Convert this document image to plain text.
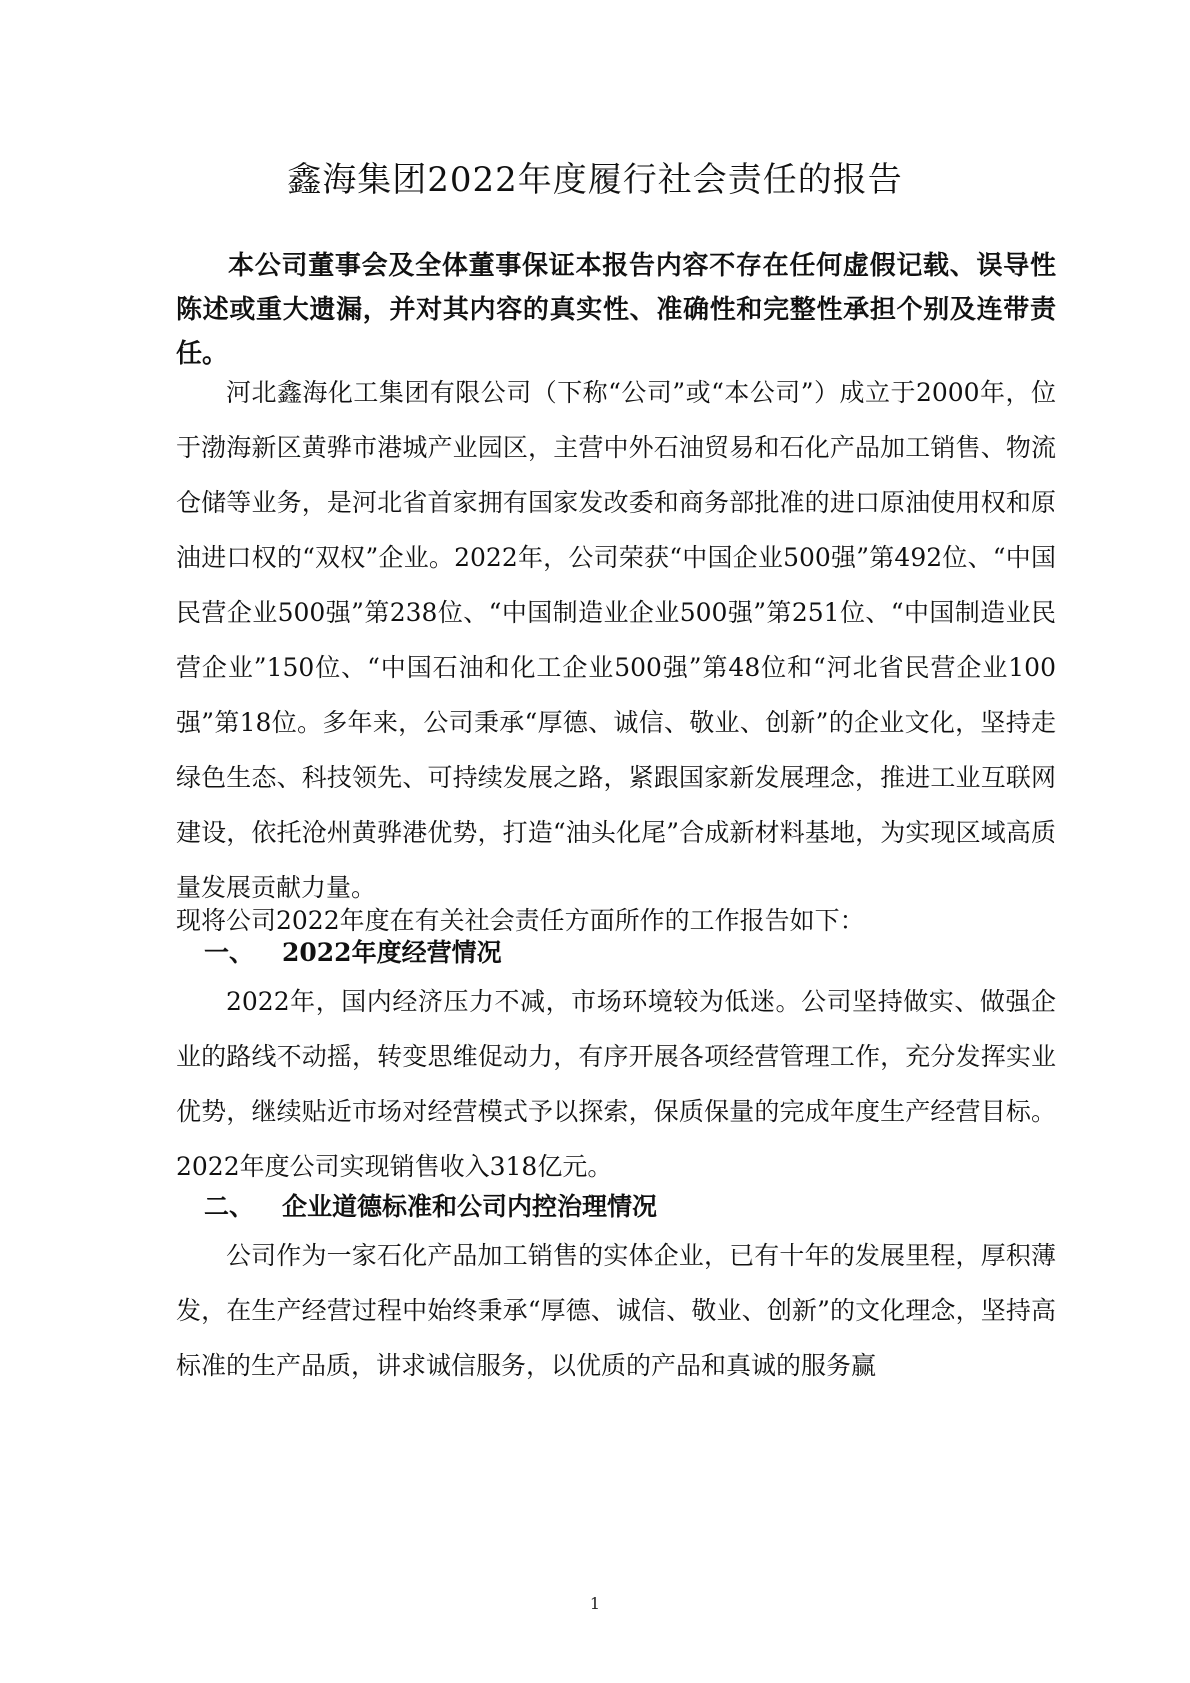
鑫海集团2022年度履行社会责任的报告

本公司董事会及全体董事保证本报告内容不存在任何虚假记载、误导性陈述或重大遗漏，并对其内容的真实性、准确性和完整性承担个别及连带责任。

河北鑫海化工集团有限公司（下称“公司”或“本公司”）成立于2000年，位于渤海新区黄骅市港城产业园区，主营中外石油贸易和石化产品加工销售、物流仓储等业务，是河北省首家拥有国家发改委和商务部批准的进口原油使用权和原油进口权的“双权”企业。2022年，公司荣获“中国企业500强”第492位、“中国民营企业500强”第238位、“中国制造业企业500强”第251位、“中国制造业民营企业”150位、“中国石油和化工企业500强”第48位和“河北省民营企业100强”第18位。多年来，公司秉承“厚德、诚信、敬业、创新”的企业文化，坚持走绿色生态、科技领先、可持续发展之路，紧跟国家新发展理念，推进工业互联网建设，依托沧州黄骅港优势，打造“油头化尾”合成新材料基地，为实现区域高质量发展贡献力量。

现将公司2022年度在有关社会责任方面所作的工作报告如下：

一、 2022年度经营情况

2022年，国内经济压力不减，市场环境较为低迷。公司坚持做实、做强企业的路线不动摇，转变思维促动力，有序开展各项经营管理工作，充分发挥实业优势，继续贴近市场对经营模式予以探索，保质保量的完成年度生产经营目标。2022年度公司实现销售收入318亿元。

二、 企业道德标准和公司内控治理情况

公司作为一家石化产品加工销售的实体企业，已有十年的发展里程，厚积薄发，在生产经营过程中始终秉承“厚德、诚信、敬业、创新”的文化理念，坚持高标准的生产品质，讲求诚信服务，以优质的产品和真诚的服务赢

1
